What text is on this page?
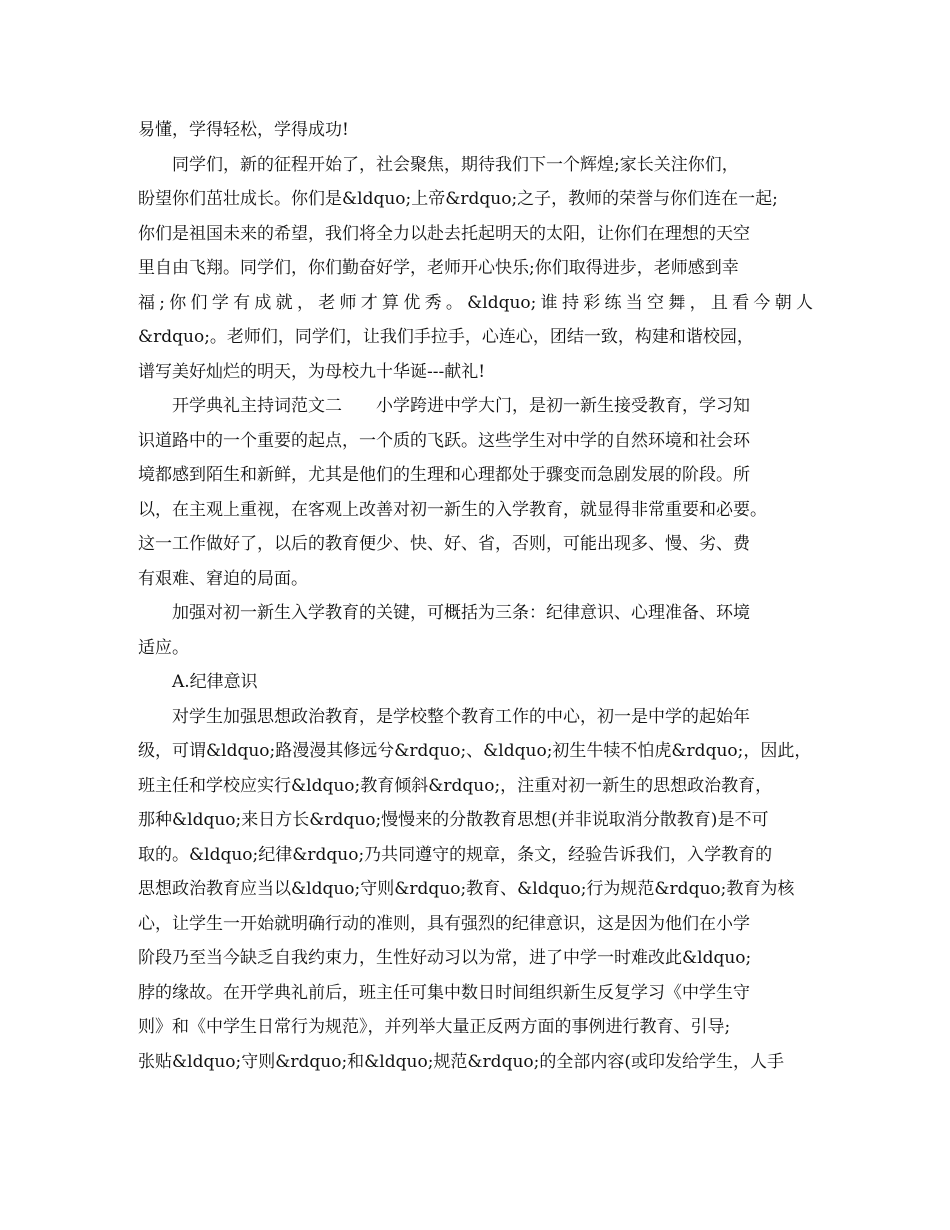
易懂，学得轻松，学得成功!
同学们，新的征程开始了，社会聚焦，期待我们下一个辉煌;家长关注你们，
盼望你们茁壮成长。你们是&ldquo;上帝&rdquo;之子，教师的荣誉与你们连在一起;
你们是祖国未来的希望，我们将全力以赴去托起明天的太阳，让你们在理想的天空
里自由飞翔。同学们，你们勤奋好学，老师开心快乐;你们取得进步，老师感到幸
福;你们学有成就，老师才算优秀。&ldquo;谁持彩练当空舞，且看今朝人
&rdquo;。老师们，同学们，让我们手拉手，心连心，团结一致，构建和谐校园，
谱写美好灿烂的明天，为母校九十华诞---献礼!
开学典礼主持词范文二　　小学跨进中学大门，是初一新生接受教育，学习知
识道路中的一个重要的起点，一个质的飞跃。这些学生对中学的自然环境和社会环
境都感到陌生和新鲜，尤其是他们的生理和心理都处于骤变而急剧发展的阶段。所
以，在主观上重视，在客观上改善对初一新生的入学教育，就显得非常重要和必要。
这一工作做好了，以后的教育便少、快、好、省，否则，可能出现多、慢、劣、费
有艰难、窘迫的局面。
加强对初一新生入学教育的关键，可概括为三条：纪律意识、心理准备、环境
适应。
A.纪律意识
对学生加强思想政治教育，是学校整个教育工作的中心，初一是中学的起始年
级，可谓&ldquo;路漫漫其修远兮&rdquo;、&ldquo;初生牛犊不怕虎&rdquo;，因此，
班主任和学校应实行&ldquo;教育倾斜&rdquo;，注重对初一新生的思想政治教育，
那种&ldquo;来日方长&rdquo;慢慢来的分散教育思想(并非说取消分散教育)是不可
取的。&ldquo;纪律&rdquo;乃共同遵守的规章，条文，经验告诉我们，入学教育的
思想政治教育应当以&ldquo;守则&rdquo;教育、&ldquo;行为规范&rdquo;教育为核
心，让学生一开始就明确行动的准则，具有强烈的纪律意识，这是因为他们在小学
阶段乃至当今缺乏自我约束力，生性好动习以为常，进了中学一时难改此&ldquo;
脖的缘故。在开学典礼前后，班主任可集中数日时间组织新生反复学习《中学生守
则》和《中学生日常行为规范》，并列举大量正反两方面的事例进行教育、引导;
张贴&ldquo;守则&rdquo;和&ldquo;规范&rdquo;的全部内容(或印发给学生，人手
